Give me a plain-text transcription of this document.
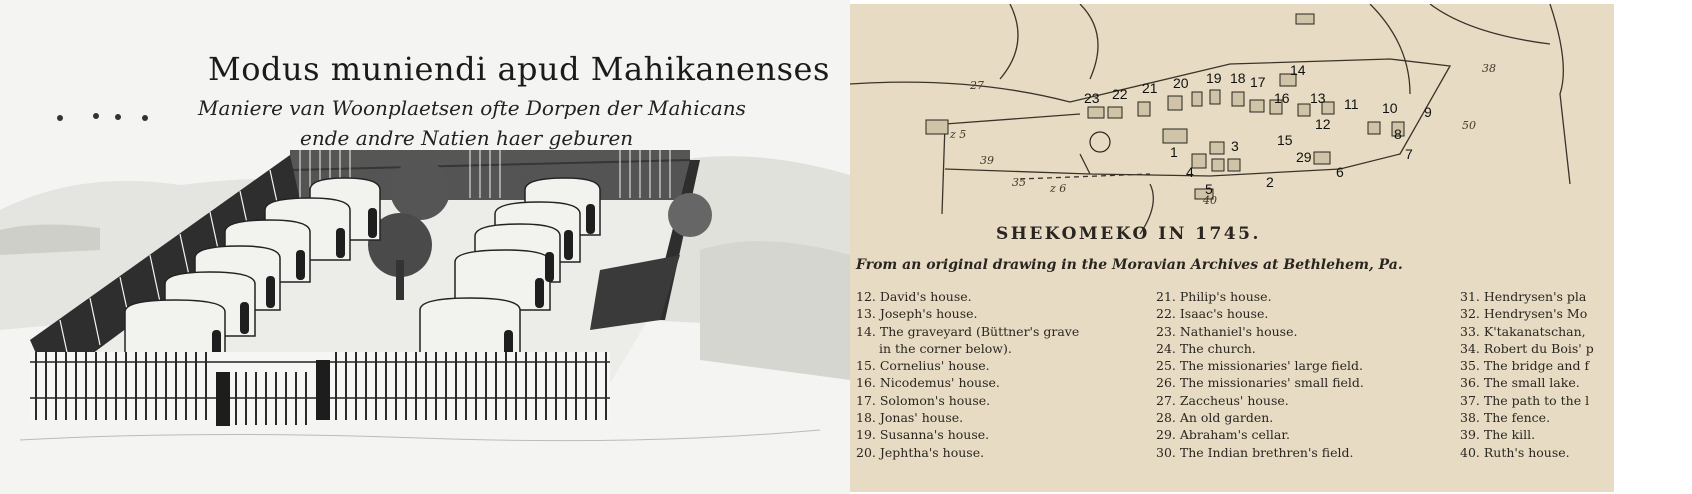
Modus muniendi apud Mahikanenses
Maniere van Woonplaetsen ofte Dorpen der Mahicans
ende andre Natien haer geburen
27
z 5
39
z 6
35
38
50
40
23 22 21 20 19 18 17
16
14
13 11 10 9
12
8
7
1	3
4
5	2
15
29
6
SHEKOMEKO IN 1745.
From an original drawing in the Moravian Archives at Bethlehem, Pa.
12. David's house.
13. Joseph's house.
14. The graveyard (Büttner's grave
in the corner below).
15. Cornelius' house.
16. Nicodemus' house.
17. Solomon's house.
18. Jonas' house.
19. Susanna's house.
20. Jephtha's house.
21. Philip's house.
22. Isaac's house.
23. Nathaniel's house.
24. The church.
25. The missionaries' large field.
26. The missionaries' small field.
27. Zaccheus' house.
28. An old garden.
29. Abraham's cellar.
30. The Indian brethren's field.
31. Hendrysen's pla
32. Hendrysen's Mo
33. K'takanatschan,
34. Robert du Bois' p
35. The bridge and f
36. The small lake.
37. The path to the l
38. The fence.
39. The kill.
40. Ruth's house.
